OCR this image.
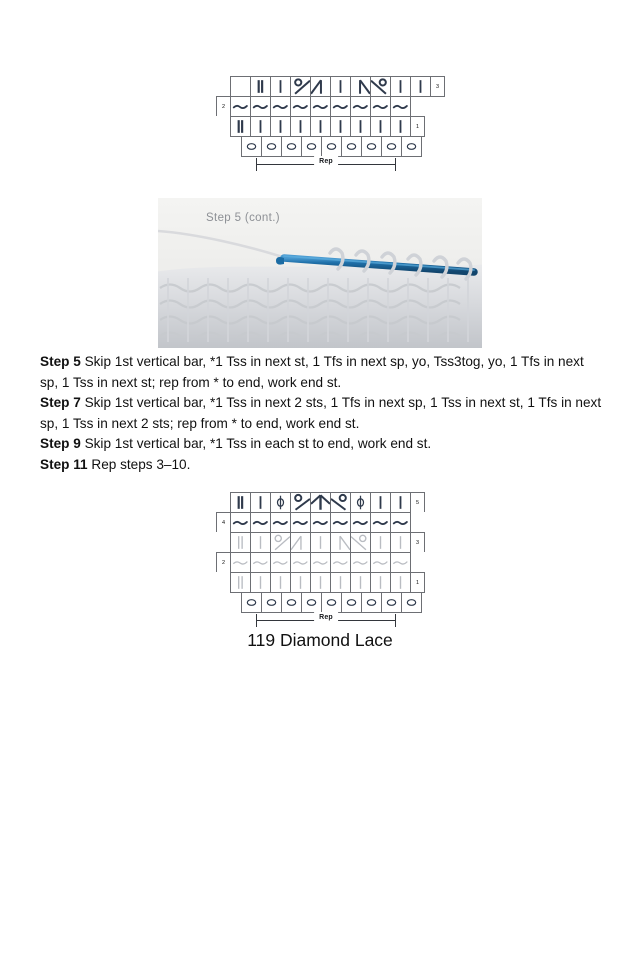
3
2
1
Rep
Step 5 (cont.)

Step 5 Skip 1st vertical bar, *1 Tss in next st, 1 Tfs in next sp, yo, Tss3tog, yo, 1 Tfs in next sp, 1 Tss in next st; rep from * to end, work end st.

Step 7 Skip 1st vertical bar, *1 Tss in next 2 sts, 1 Tfs in next sp, 1 Tss in next st, 1 Tfs in next sp, 1 Tss in next 2 sts; rep from * to end, work end st.

Step 9 Skip 1st vertical bar, *1 Tss in each st to end, work end st.

Step 11 Rep steps 3–10.

5
4
3
2
1
Rep
119 Diamond Lace
